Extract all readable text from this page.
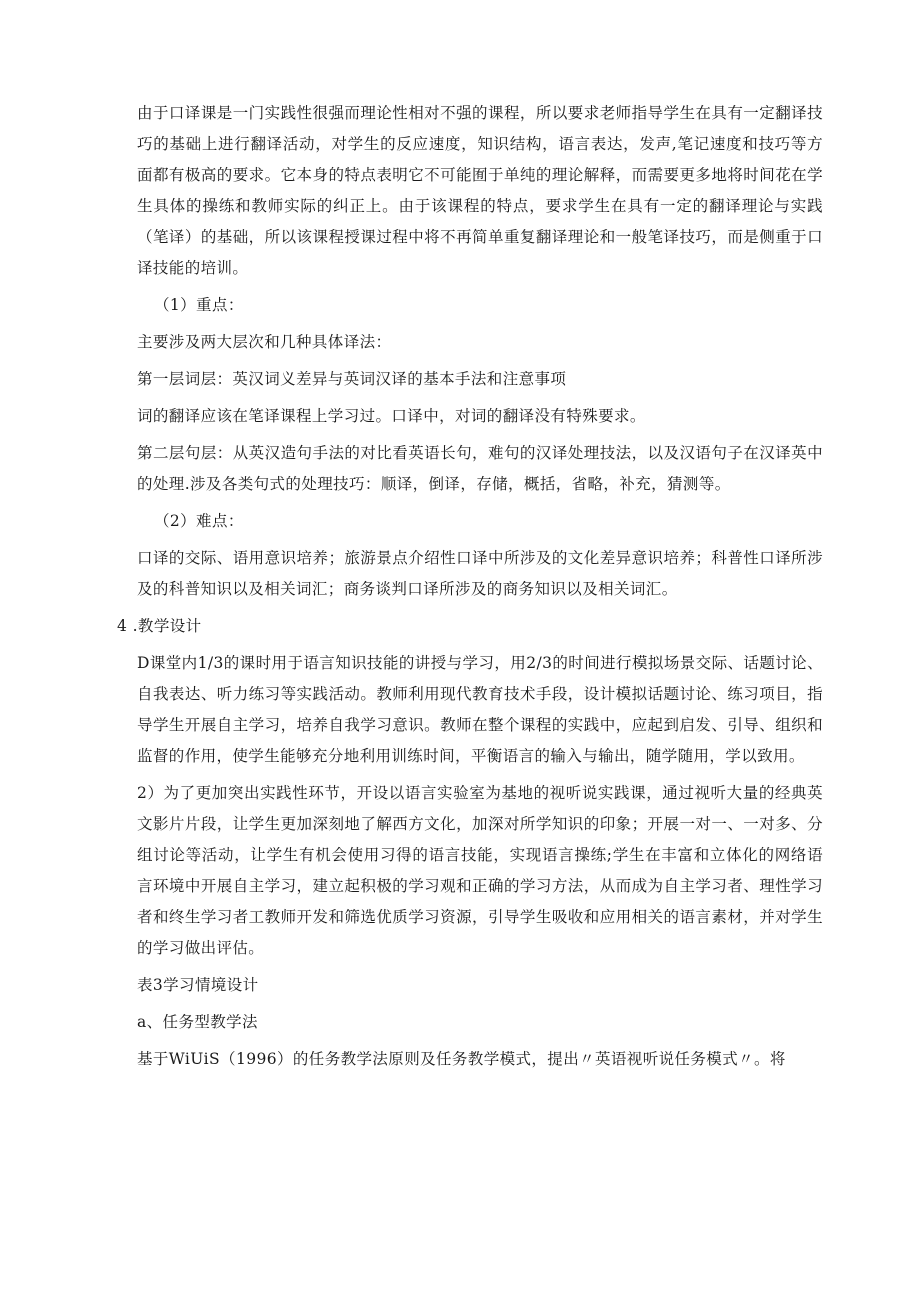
由于口译课是一门实践性很强而理论性相对不强的课程，所以要求老师指导学生在具有一定翻译技巧的基础上进行翻译活动，对学生的反应速度，知识结构，语言表达，发声,笔记速度和技巧等方面都有极高的要求。它本身的特点表明它不可能囿于单纯的理论解释，而需要更多地将时间花在学生具体的操练和教师实际的纠正上。由于该课程的特点，要求学生在具有一定的翻译理论与实践（笔译）的基础，所以该课程授课过程中将不再简单重复翻译理论和一般笔译技巧，而是侧重于口译技能的培训。

（1）重点：

主要涉及两大层次和几种具体译法：

第一层词层：英汉词义差异与英词汉译的基本手法和注意事项

词的翻译应该在笔译课程上学习过。口译中，对词的翻译没有特殊要求。

第二层句层：从英汉造句手法的对比看英语长句，难句的汉译处理技法，以及汉语句子在汉译英中的处理.涉及各类句式的处理技巧：顺译，倒译，存储，概括，省略，补充，猜测等。

（2）难点：

口译的交际、语用意识培养；旅游景点介绍性口译中所涉及的文化差异意识培养；科普性口译所涉及的科普知识以及相关词汇；商务谈判口译所涉及的商务知识以及相关词汇。

4 .教学设计

D课堂内1/3的课时用于语言知识技能的讲授与学习，用2/3的时间进行模拟场景交际、话题讨论、自我表达、听力练习等实践活动。教师利用现代教育技术手段，设计模拟话题讨论、练习项目，指导学生开展自主学习，培养自我学习意识。教师在整个课程的实践中，应起到启发、引导、组织和监督的作用，使学生能够充分地利用训练时间，平衡语言的输入与输出，随学随用，学以致用。

2）为了更加突出实践性环节，开设以语言实验室为基地的视听说实践课，通过视听大量的经典英文影片片段，让学生更加深刻地了解西方文化，加深对所学知识的印象；开展一对一、一对多、分组讨论等活动，让学生有机会使用习得的语言技能，实现语言操练;学生在丰富和立体化的网络语言环境中开展自主学习，建立起积极的学习观和正确的学习方法，从而成为自主学习者、理性学习者和终生学习者工教师开发和筛选优质学习资源，引导学生吸收和应用相关的语言素材，并对学生的学习做出评估。

表3学习情境设计

a、任务型教学法

基于WiUiS（1996）的任务教学法原则及任务教学模式，提出〃英语视听说任务模式〃。将
